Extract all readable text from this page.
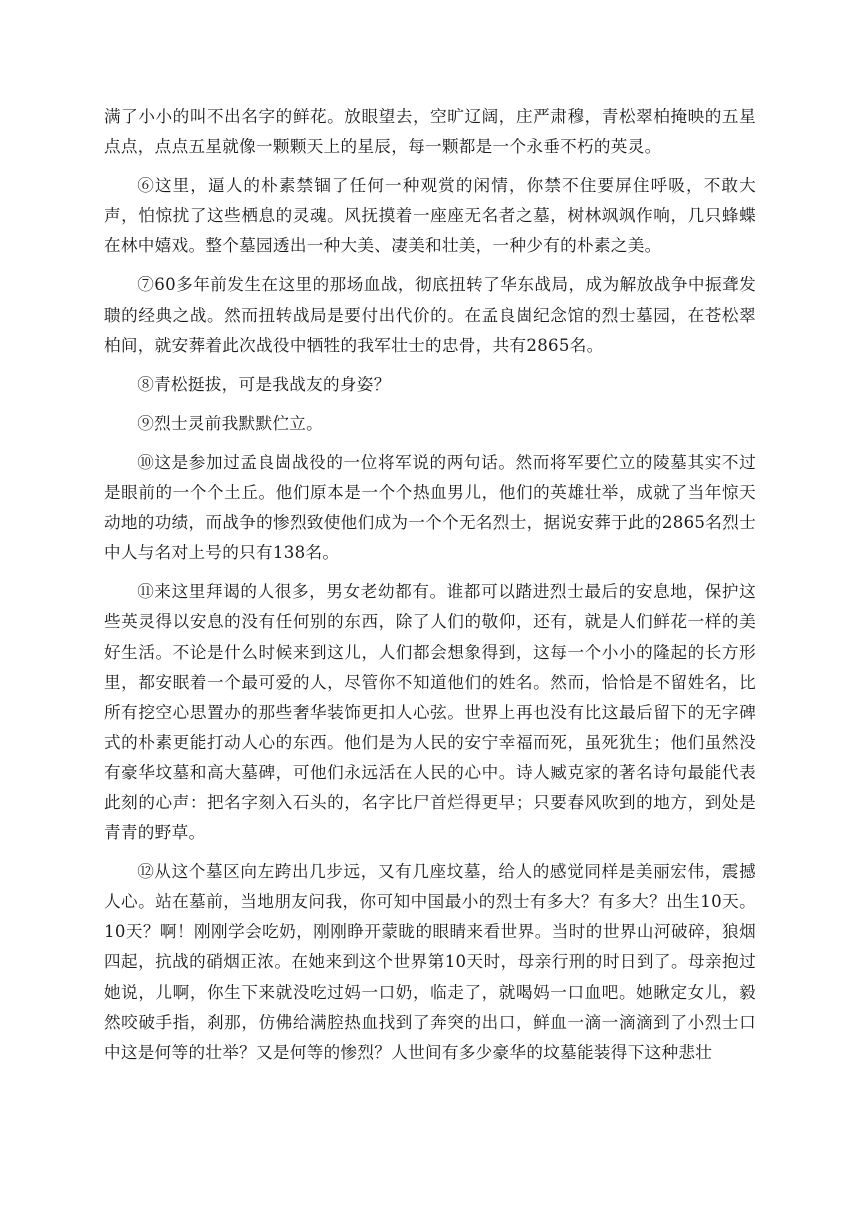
满了小小的叫不出名字的鲜花。放眼望去，空旷辽阔，庄严肃穆，青松翠柏掩映的五星点点，点点五星就像一颗颗天上的星辰，每一颗都是一个永垂不朽的英灵。

⑥这里，逼人的朴素禁锢了任何一种观赏的闲情，你禁不住要屏住呼吸，不敢大声，怕惊扰了这些栖息的灵魂。风抚摸着一座座无名者之墓，树林飒飒作响，几只蜂蝶在林中嬉戏。整个墓园透出一种大美、凄美和壮美，一种少有的朴素之美。

⑦60多年前发生在这里的那场血战，彻底扭转了华东战局，成为解放战争中振聋发聩的经典之战。然而扭转战局是要付出代价的。在孟良崮纪念馆的烈士墓园，在苍松翠柏间，就安葬着此次战役中牺牲的我军壮士的忠骨，共有2865名。

⑧青松挺拔，可是我战友的身姿？

⑨烈士灵前我默默伫立。

⑩这是参加过孟良崮战役的一位将军说的两句话。然而将军要伫立的陵墓其实不过是眼前的一个个土丘。他们原本是一个个热血男儿，他们的英雄壮举，成就了当年惊天动地的功绩，而战争的惨烈致使他们成为一个个无名烈士，据说安葬于此的2865名烈士中人与名对上号的只有138名。

⑪来这里拜谒的人很多，男女老幼都有。谁都可以踏进烈士最后的安息地，保护这些英灵得以安息的没有任何别的东西，除了人们的敬仰，还有，就是人们鲜花一样的美好生活。不论是什么时候来到这儿，人们都会想象得到，这每一个小小的隆起的长方形里，都安眠着一个最可爱的人，尽管你不知道他们的姓名。然而，恰恰是不留姓名，比所有挖空心思置办的那些奢华装饰更扣人心弦。世界上再也没有比这最后留下的无字碑式的朴素更能打动人心的东西。他们是为人民的安宁幸福而死，虽死犹生；他们虽然没有豪华坟墓和高大墓碑，可他们永远活在人民的心中。诗人臧克家的著名诗句最能代表此刻的心声：把名字刻入石头的，名字比尸首烂得更早；只要春风吹到的地方，到处是青青的野草。

⑫从这个墓区向左跨出几步远，又有几座坟墓，给人的感觉同样是美丽宏伟，震撼人心。站在墓前，当地朋友问我，你可知中国最小的烈士有多大？有多大？出生10天。10天？啊！刚刚学会吃奶，刚刚睁开蒙眬的眼睛来看世界。当时的世界山河破碎，狼烟四起，抗战的硝烟正浓。在她来到这个世界第10天时，母亲行刑的时日到了。母亲抱过她说，儿啊，你生下来就没吃过妈一口奶，临走了，就喝妈一口血吧。她瞅定女儿，毅然咬破手指，刹那，仿佛给满腔热血找到了奔突的出口，鲜血一滴一滴滴到了小烈士口中这是何等的壮举？又是何等的惨烈？人世间有多少豪华的坟墓能装得下这种悲壮
